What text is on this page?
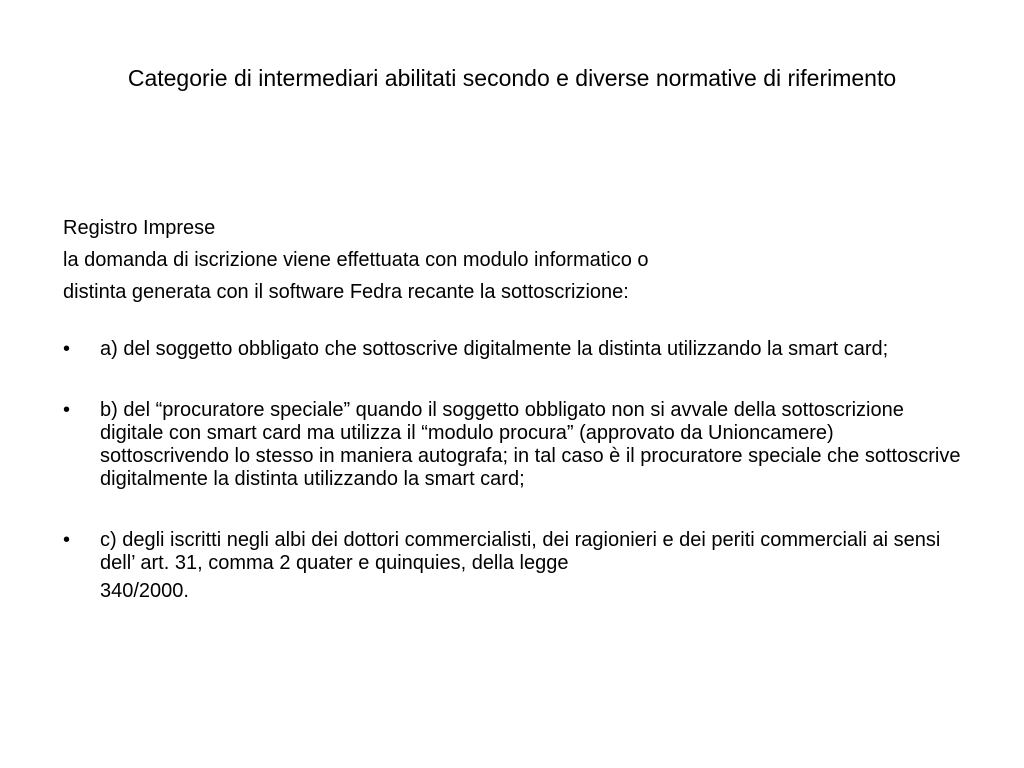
Categorie di intermediari abilitati secondo e diverse normative di riferimento
Registro Imprese
la domanda di iscrizione viene effettuata con modulo informatico o
distinta generata con il software Fedra recante la sottoscrizione:
• a) del soggetto obbligato che sottoscrive digitalmente la distinta utilizzando la smart card;
• b) del “procuratore speciale” quando il soggetto obbligato non si avvale della sottoscrizione digitale con smart card ma utilizza il “modulo procura” (approvato da Unioncamere) sottoscrivendo lo stesso in maniera autografa; in tal caso è il procuratore speciale che sottoscrive digitalmente la distinta utilizzando la smart card;
• c) degli iscritti negli albi dei dottori commercialisti, dei ragionieri e dei periti commerciali ai sensi dell’ art. 31, comma 2 quater e quinquies, della legge
340/2000.
